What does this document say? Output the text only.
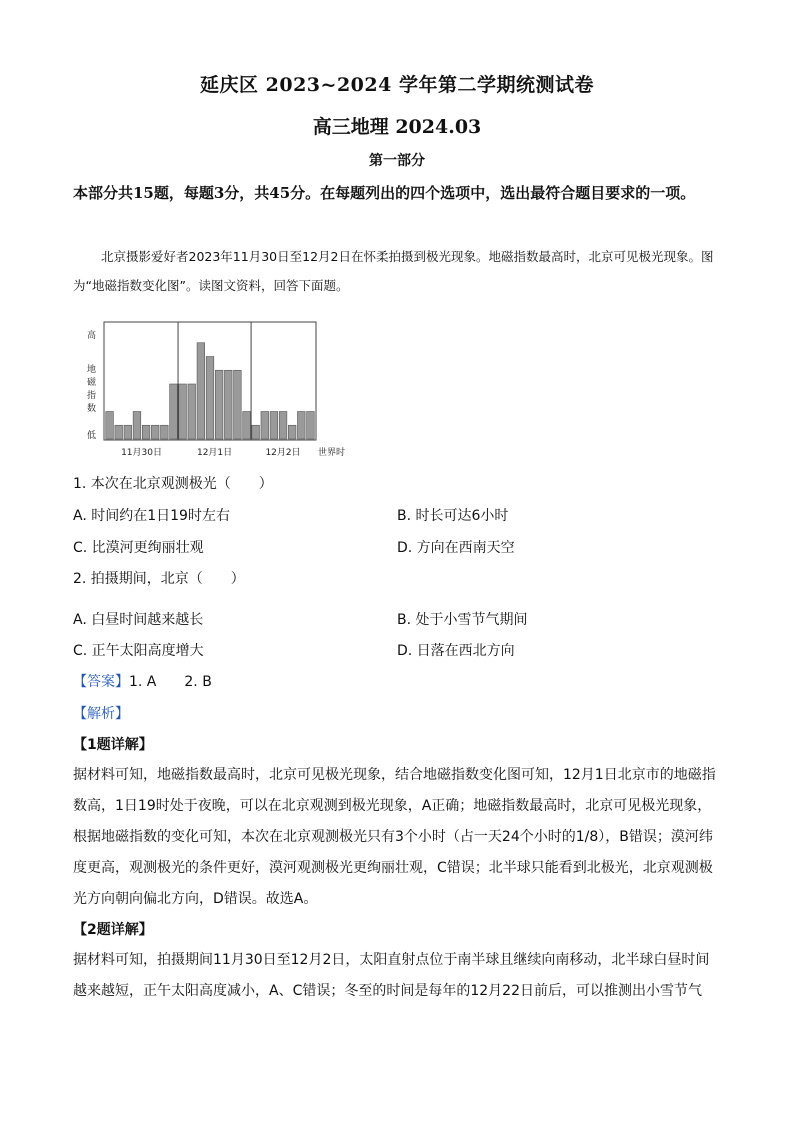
延庆区 2023~2024 学年第二学期统测试卷
高三地理 2024.03
第一部分
本部分共15题，每题3分，共45分。在每题列出的四个选项中，选出最符合题目要求的一项。
北京摄影爱好者2023年11月30日至12月2日在怀柔拍摄到极光现象。地磁指数最高时，北京可见极光现象。图为“地磁指数变化图”。读图文资料，回答下面题。
高
地
磁
指
数
低
11月30日	12月1日	12月2日 世界时
1. 本次在北京观测极光（　　）
A. 时间约在1日19时左右	B. 时长可达6小时
C. 比漠河更绚丽壮观	D. 方向在西南天空
2. 拍摄期间，北京（　　）
A. 白昼时间越来越长	B. 处于小雪节气期间
C. 正午太阳高度增大	D. 日落在西北方向
【答案】1. A　　2. B
【解析】
【1题详解】
据材料可知，地磁指数最高时，北京可见极光现象，结合地磁指数变化图可知，12月1日北京市的地磁指数高，1日19时处于夜晚，可以在北京观测到极光现象，A正确；地磁指数最高时，北京可见极光现象，根据地磁指数的变化可知，本次在北京观测极光只有3个小时（占一天24个小时的1/8），B错误；漠河纬度更高，观测极光的条件更好，漠河观测极光更绚丽壮观，C错误；北半球只能看到北极光，北京观测极光方向朝向偏北方向，D错误。故选A。
【2题详解】
据材料可知，拍摄期间11月30日至12月2日，太阳直射点位于南半球且继续向南移动，北半球白昼时间越来越短，正午太阳高度减小，A、C错误；冬至的时间是每年的12月22日前后，可以推测出小雪节气
